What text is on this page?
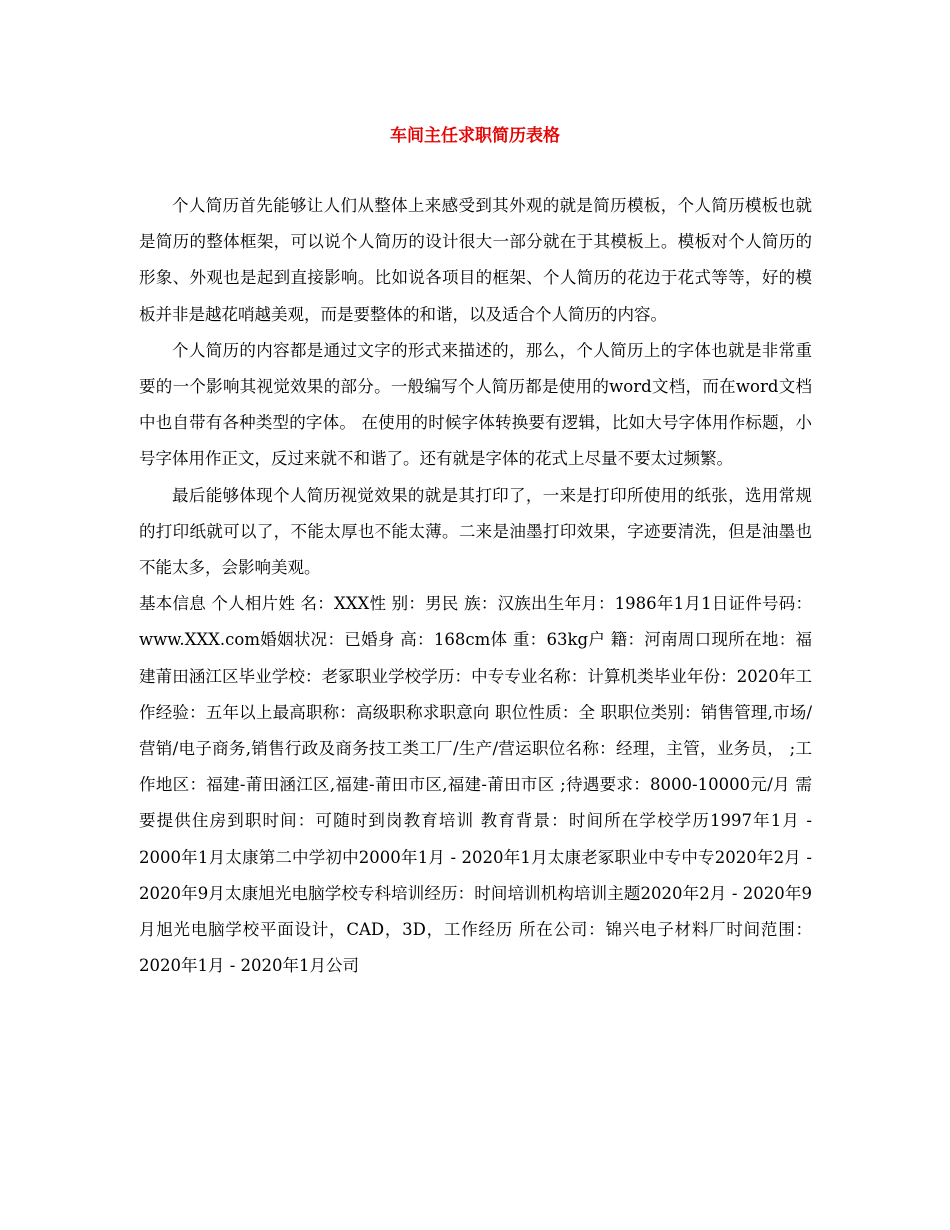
车间主任求职简历表格

个人简历首先能够让人们从整体上来感受到其外观的就是简历模板，个人简历模板也就是简历的整体框架，可以说个人简历的设计很大一部分就在于其模板上。模板对个人简历的形象、外观也是起到直接影响。比如说各项目的框架、个人简历的花边于花式等等，好的模板并非是越花哨越美观，而是要整体的和谐，以及适合个人简历的内容。

个人简历的内容都是通过文字的形式来描述的，那么，个人简历上的字体也就是非常重要的一个影响其视觉效果的部分。一般编写个人简历都是使用的word文档，而在word文档中也自带有各种类型的字体。 在使用的时候字体转换要有逻辑，比如大号字体用作标题，小号字体用作正文，反过来就不和谐了。还有就是字体的花式上尽量不要太过频繁。

最后能够体现个人简历视觉效果的就是其打印了，一来是打印所使用的纸张，选用常规的打印纸就可以了，不能太厚也不能太薄。二来是油墨打印效果，字迹要清洗，但是油墨也不能太多，会影响美观。

基本信息 个人相片姓 名：XXX性 别：男民 族：汉族出生年月：1986年1月1日证件号码：www.XXX.com婚姻状况：已婚身 高：168cm体 重：63kg户 籍：河南周口现所在地：福建莆田涵江区毕业学校：老冢职业学校学历：中专专业名称：计算机类毕业年份：2020年工作经验：五年以上最高职称：高级职称求职意向 职位性质：全 职职位类别：销售管理,市场/营销/电子商务,销售行政及商务技工类工厂/生产/营运职位名称：经理，主管，业务员， ;工作地区：福建-莆田涵江区,福建-莆田市区,福建-莆田市区 ;待遇要求：8000-10000元/月 需要提供住房到职时间：可随时到岗教育培训 教育背景：时间所在学校学历1997年1月 - 2000年1月太康第二中学初中2000年1月 - 2020年1月太康老冢职业中专中专2020年2月 - 2020年9月太康旭光电脑学校专科培训经历：时间培训机构培训主题2020年2月 - 2020年9月旭光电脑学校平面设计，CAD，3D，工作经历 所在公司：锦兴电子材料厂时间范围：2020年1月 - 2020年1月公司
